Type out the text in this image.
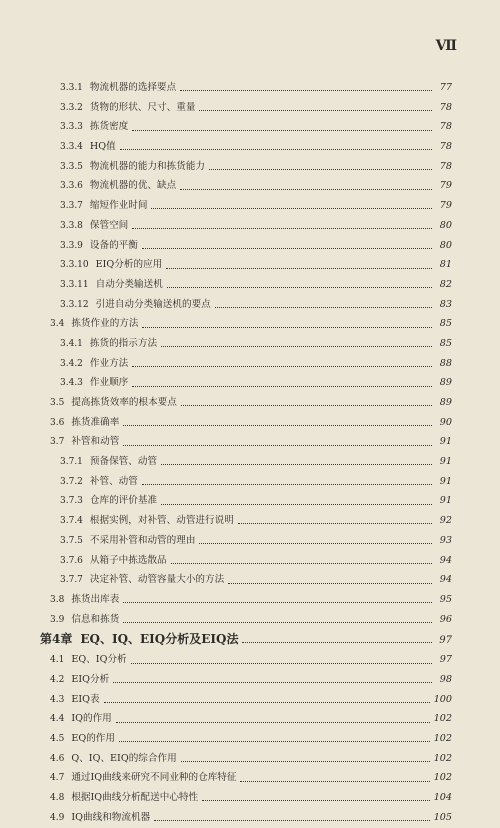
Ⅶ
3.3.1 物流机器的选择要点	77
3.3.2 货物的形状、尺寸、重量	78
3.3.3 拣货密度	78
3.3.4 HQ值	78
3.3.5 物流机器的能力和拣货能力	78
3.3.6 物流机器的优、缺点	79
3.3.7 缩短作业时间	79
3.3.8 保管空间	80
3.3.9 设备的平衡	80
3.3.10 EIQ分析的应用	81
3.3.11 自动分类输送机	82
3.3.12 引进自动分类输送机的要点	83
3.4 拣货作业的方法	85
3.4.1 拣货的指示方法	85
3.4.2 作业方法	88
3.4.3 作业顺序	89
3.5 提高拣货效率的根本要点	89
3.6 拣货准确率	90
3.7 补管和动管	91
3.7.1 预备保管、动管	91
3.7.2 补管、动管	91
3.7.3 仓库的评价基准	91
3.7.4 根据实例，对补管、动管进行说明	92
3.7.5 不采用补管和动管的理由	93
3.7.6 从箱子中拣选散品	94
3.7.7 决定补管、动管容量大小的方法	94
3.8 拣货出库表	95
3.9 信息和拣货	96
第4章 EQ、IQ、EIQ分析及EIQ法	97
4.1 EQ、IQ分析	97
4.2 EIQ分析	98
4.3 EIQ表	100
4.4 IQ的作用	102
4.5 EQ的作用	102
4.6 Q、IQ、EIQ的综合作用	102
4.7 通过IQ曲线来研究不同业种的仓库特征	102
4.8 根据IQ曲线分析配送中心特性	104
4.9 IQ曲线和物流机器	105
